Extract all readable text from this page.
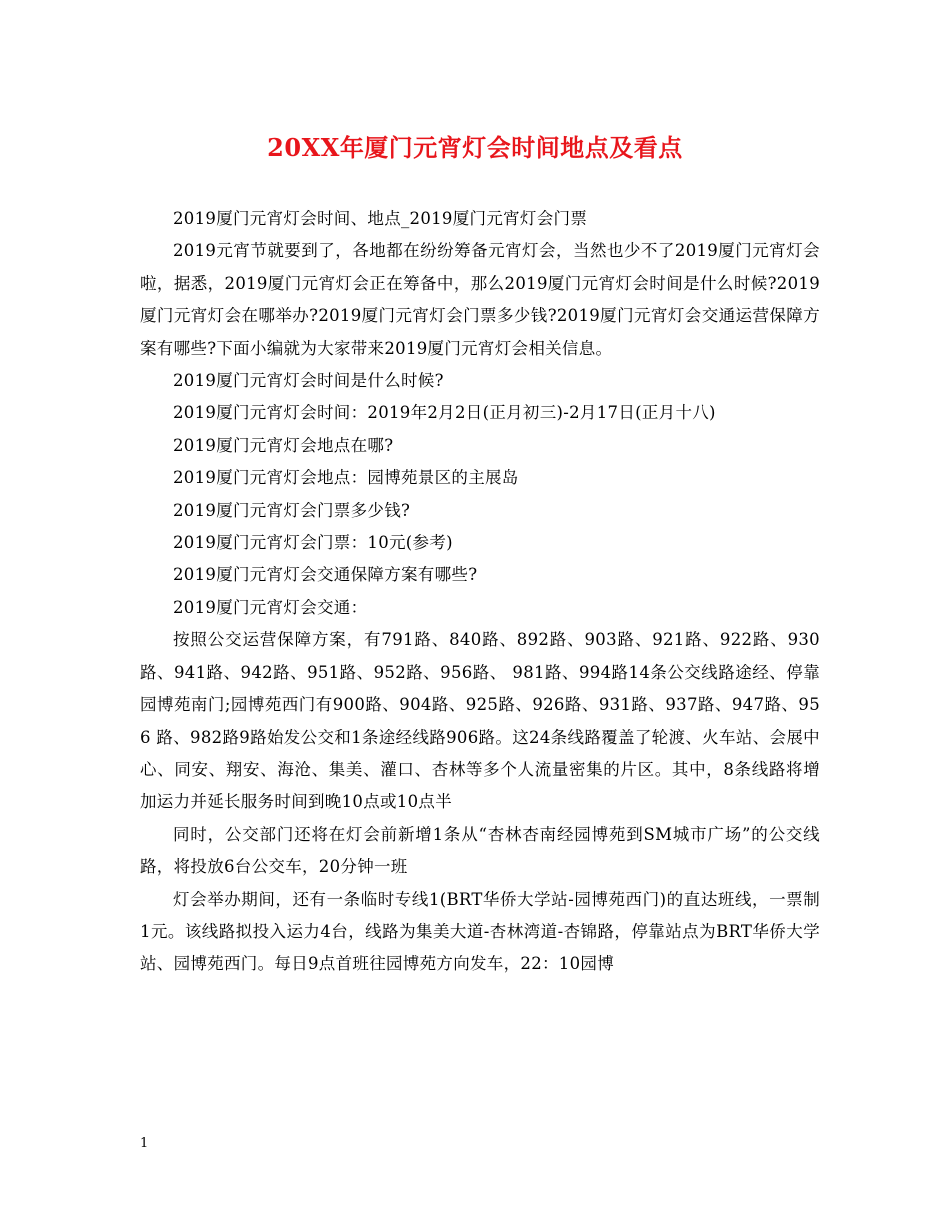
20XX年厦门元宵灯会时间地点及看点

2019厦门元宵灯会时间、地点_2019厦门元宵灯会门票

2019元宵节就要到了，各地都在纷纷筹备元宵灯会，当然也少不了2019厦门元宵灯会啦，据悉，2019厦门元宵灯会正在筹备中，那么2019厦门元宵灯会时间是什么时候?2019厦门元宵灯会在哪举办?2019厦门元宵灯会门票多少钱?2019厦门元宵灯会交通运营保障方案有哪些?下面小编就为大家带来2019厦门元宵灯会相关信息。

2019厦门元宵灯会时间是什么时候?

2019厦门元宵灯会时间：2019年2月2日(正月初三)-2月17日(正月十八)

2019厦门元宵灯会地点在哪?

2019厦门元宵灯会地点：园博苑景区的主展岛

2019厦门元宵灯会门票多少钱?

2019厦门元宵灯会门票：10元(参考)

2019厦门元宵灯会交通保障方案有哪些?

2019厦门元宵灯会交通：

按照公交运营保障方案，有791路、840路、892路、903路、921路、922路、930路、941路、942路、951路、952路、956路、 981路、994路14条公交线路途经、停靠园博苑南门;园博苑西门有900路、904路、925路、926路、931路、937路、947路、956 路、982路9路始发公交和1条途经线路906路。这24条线路覆盖了轮渡、火车站、会展中心、同安、翔安、海沧、集美、灌口、杏林等多个人流量密集的片区。其中，8条线路将增加运力并延长服务时间到晚10点或10点半

同时，公交部门还将在灯会前新增1条从“杏林杏南经园博苑到SM城市广场”的公交线路，将投放6台公交车，20分钟一班

灯会举办期间，还有一条临时专线1(BRT华侨大学站-园博苑西门)的直达班线，一票制1元。该线路拟投入运力4台，线路为集美大道-杏林湾道-杏锦路，停靠站点为BRT华侨大学站、园博苑西门。每日9点首班往园博苑方向发车，22：10园博

1
